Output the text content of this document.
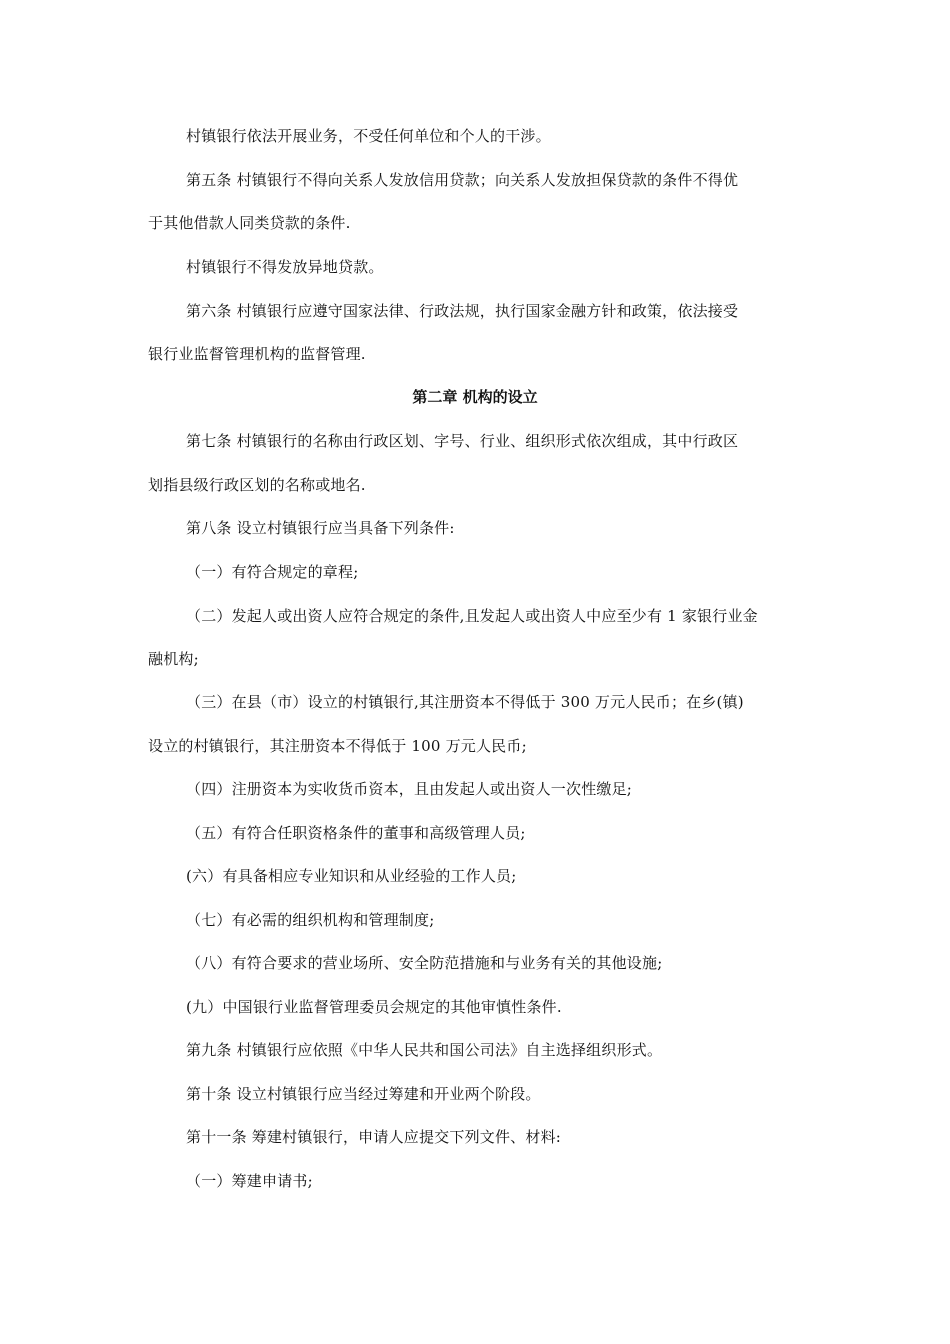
村镇银行依法开展业务，不受任何单位和个人的干涉。
第五条 村镇银行不得向关系人发放信用贷款；向关系人发放担保贷款的条件不得优
于其他借款人同类贷款的条件.
村镇银行不得发放异地贷款。
第六条 村镇银行应遵守国家法律、行政法规，执行国家金融方针和政策，依法接受
银行业监督管理机构的监督管理.
第二章 机构的设立
第七条 村镇银行的名称由行政区划、字号、行业、组织形式依次组成，其中行政区
划指县级行政区划的名称或地名.
第八条 设立村镇银行应当具备下列条件:
（一）有符合规定的章程;
（二）发起人或出资人应符合规定的条件,且发起人或出资人中应至少有 1 家银行业金
融机构;
（三）在县（市）设立的村镇银行,其注册资本不得低于 300 万元人民币；在乡(镇)
设立的村镇银行，其注册资本不得低于 100 万元人民币;
（四）注册资本为实收货币资本，且由发起人或出资人一次性缴足;
（五）有符合任职资格条件的董事和高级管理人员;
(六）有具备相应专业知识和从业经验的工作人员;
（七）有必需的组织机构和管理制度;
（八）有符合要求的营业场所、安全防范措施和与业务有关的其他设施;
(九）中国银行业监督管理委员会规定的其他审慎性条件.
第九条 村镇银行应依照《中华人民共和国公司法》自主选择组织形式。
第十条 设立村镇银行应当经过筹建和开业两个阶段。
第十一条 筹建村镇银行，申请人应提交下列文件、材料:
（一）筹建申请书;
